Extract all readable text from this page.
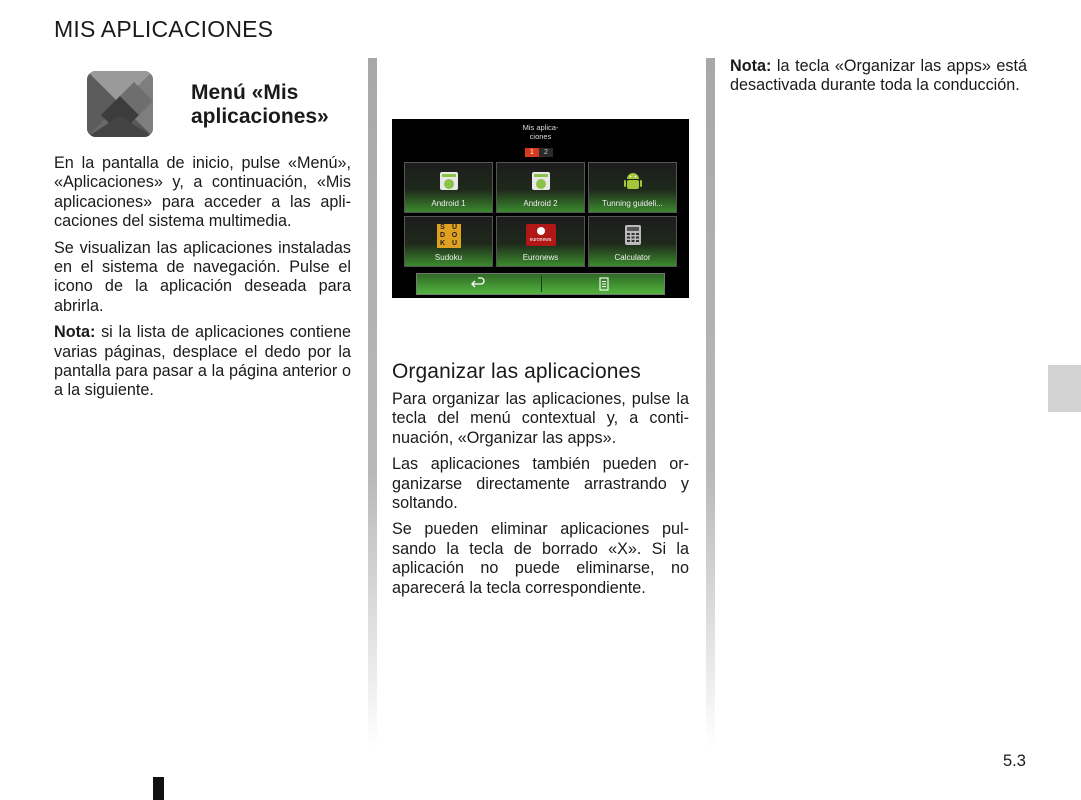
MIS APLICACIONES
Menú «Mis aplicaciones»

En la pantalla de inicio, pulse «Menú», «Aplicaciones» y, a continuación, «Mis aplicaciones» para acceder a las aplicaciones del sistema multimedia.

Se visualizan las aplicaciones instaladas en el sistema de navegación. Pulse el icono de la aplicación deseada para abrirla.

Nota: si la lista de aplicaciones contiene varias páginas, desplace el dedo por la pantalla para pasar a la página anterior o a la siguiente.

Mis aplica-
ciones
1	2
Android 1	Android 2	Tunning guideli...
S	U
D O
K U
Sudoku
euronews
Euronews	Calculator
Organizar las aplicaciones

Para organizar las aplicaciones, pulse la tecla del menú contextual y, a continuación, «Organizar las apps».

Las aplicaciones también pueden organizarse directamente arrastrando y soltando.

Se pueden eliminar aplicaciones pulsando la tecla de borrado «X». Si la aplicación no puede eliminarse, no aparecerá la tecla correspondiente.

Nota: la tecla «Organizar las apps» está desactivada durante toda la conducción.

5.3
